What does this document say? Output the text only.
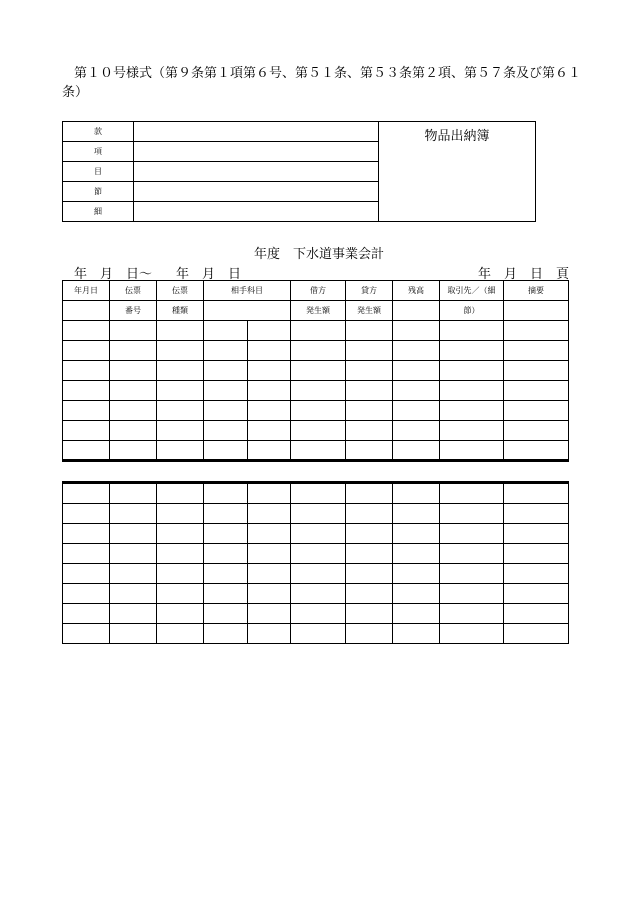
第１０号様式（第９条第１項第６号、第５１条、第５３条第２項、第５７条及び第６１
条）
款		物品出納簿
項		
目		
節		
細		
年度　下水道事業会計
年　月　日～ 年　月　日	年　月　日　頁
年月日	伝票	伝票	相手科目		借方	貸方	残高	取引先／（細	摘要
	番号	種類			発生額	発生額		節）	
